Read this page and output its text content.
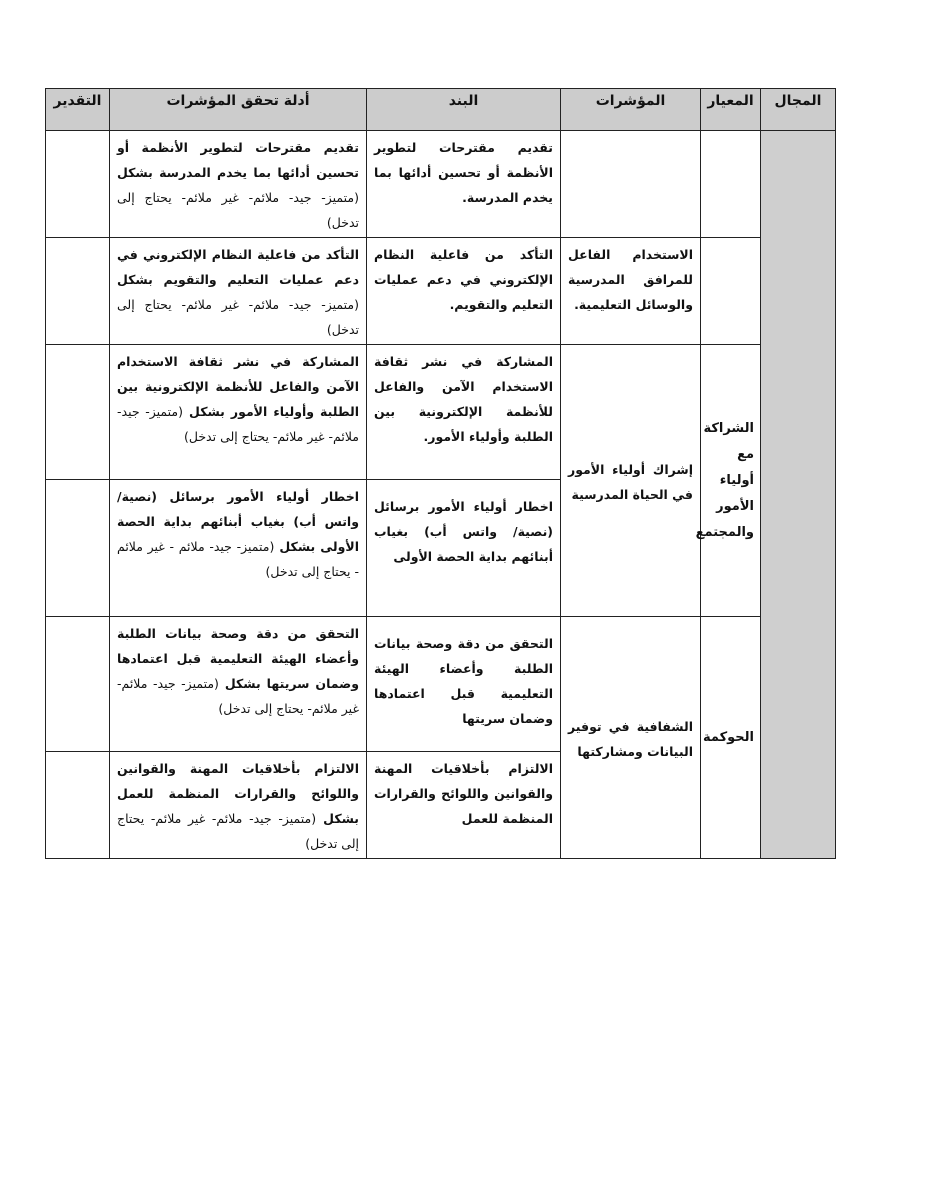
المجال	المعيار	المؤشرات	البند	أدلة تحقق المؤشرات	التقدير

			تقديم مقترحات لتطوير الأنظمة أو تحسين أدائها بما يخدم المدرسة.	تقديم مقترحات لتطوير الأنظمة أو تحسين أدائها بما يخدم المدرسة بشكل (متميز- جيد- ملائم- غير ملائم- يحتاج إلى تدخل)	

		الاستخدام الفاعل للمرافق المدرسية والوسائل التعليمية.	التأكد من فاعلية النظام الإلكتروني في دعم عمليات التعليم والتقويم.	التأكد من فاعلية النظام الإلكتروني في دعم عمليات التعليم والتقويم بشكل (متميز- جيد- ملائم- غير ملائم- يحتاج إلى تدخل)	

	الشراكة مع أولياء الأمور والمجتمع	إشراك أولياء الأمور في الحياة المدرسية	المشاركة في نشر ثقافة الاستخدام الآمن والفاعل للأنظمة الإلكترونية بين الطلبة وأولياء الأمور.	المشاركة في نشر ثقافة الاستخدام الآمن والفاعل للأنظمة الإلكترونية بين الطلبة وأولياء الأمور بشكل (متميز- جيد- ملائم- غير ملائم- يحتاج إلى تدخل)	

			اخطار أولياء الأمور برسائل (نصية/ واتس أب) بغياب أبنائهم بداية الحصة الأولى	اخطار أولياء الأمور برسائل (نصية/ واتس أب) بغياب أبنائهم بداية الحصة الأولى بشكل (متميز- جيد- ملائم - غير ملائم - يحتاج إلى تدخل)	

	الحوكمة	الشفافية في توفير البيانات ومشاركتها	التحقق من دقة وصحة بيانات الطلبة وأعضاء الهيئة التعليمية قبل اعتمادها وضمان سريتها	التحقق من دقة وصحة بيانات الطلبة وأعضاء الهيئة التعليمية قبل اعتمادها وضمان سريتها بشكل (متميز- جيد- ملائم- غير ملائم- يحتاج إلى تدخل)	

			الالتزام بأخلاقيات المهنة والقوانين واللوائح والقرارات المنظمة للعمل	الالتزام بأخلاقيات المهنة والقوانين واللوائح والقرارات المنظمة للعمل بشكل (متميز- جيد- ملائم- غير ملائم- يحتاج إلى تدخل)	
